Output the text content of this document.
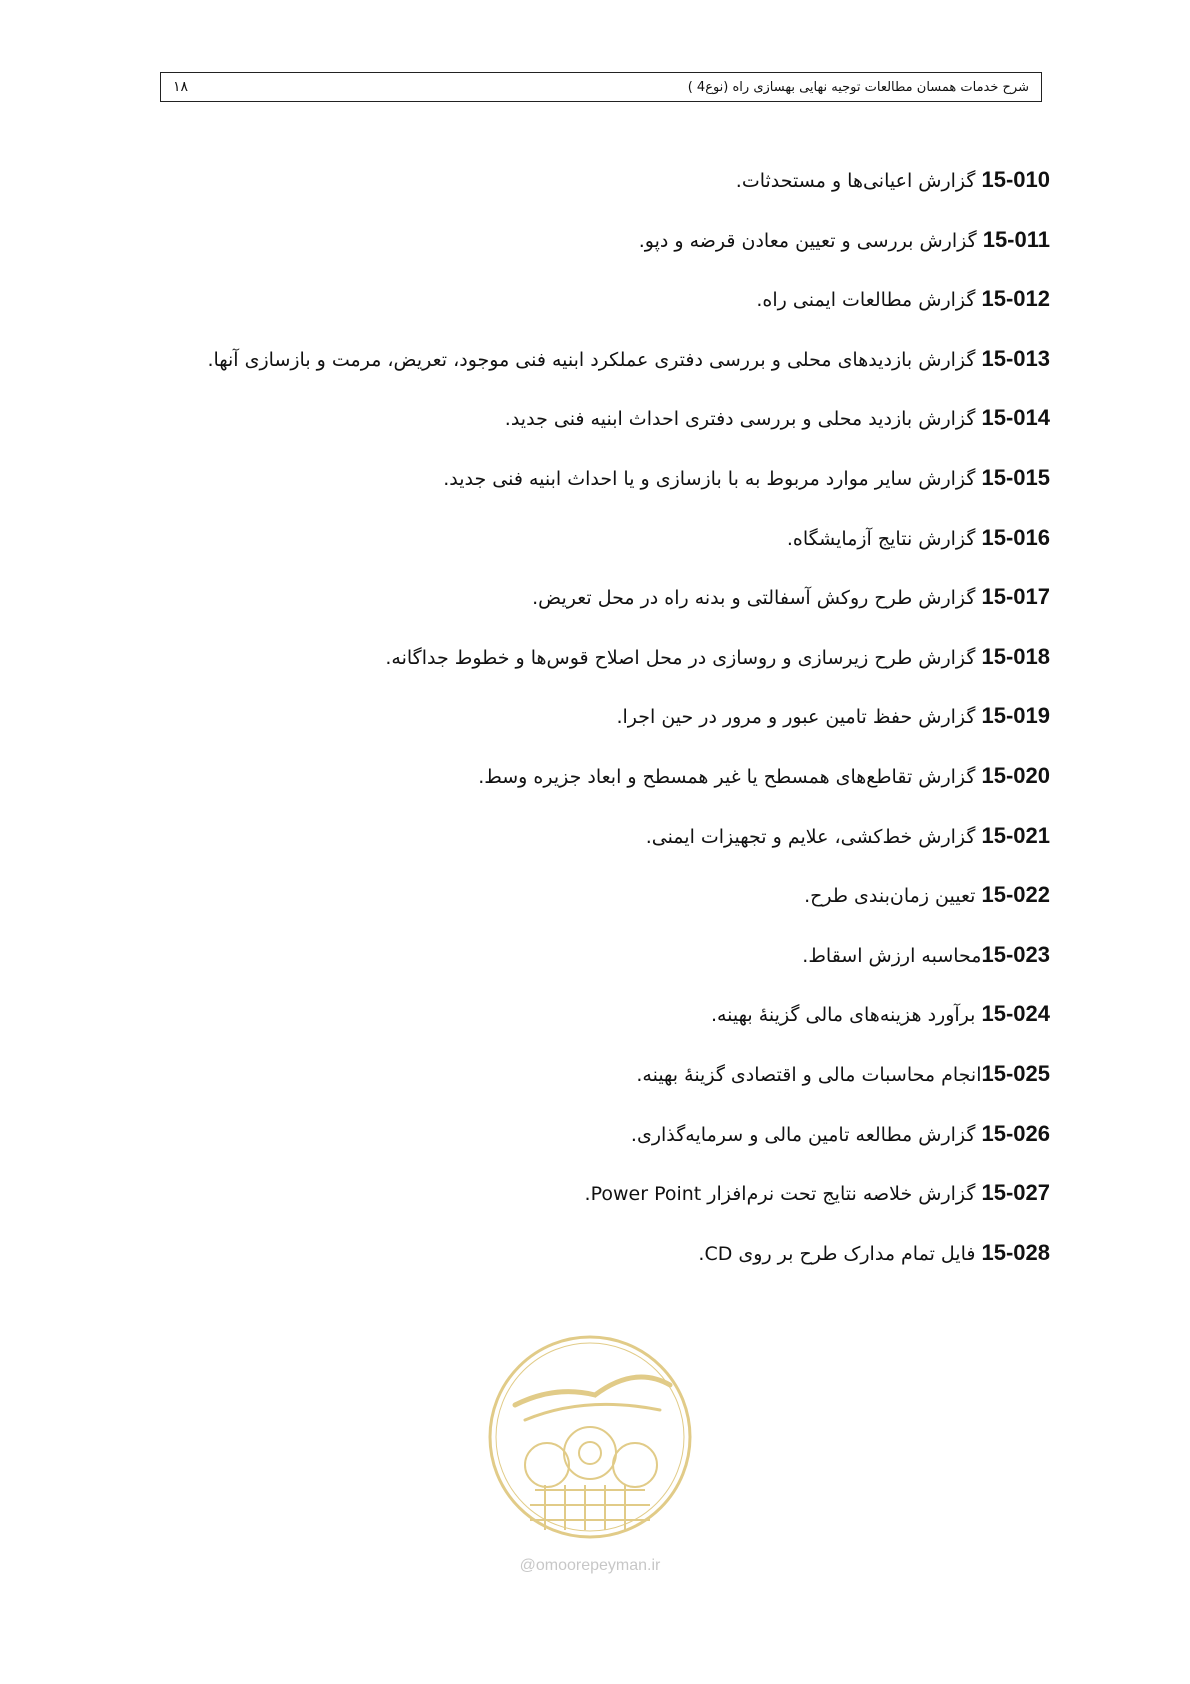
۱۸	شرح خدمات همسان مطالعات توجیه نهایی بهسازی راه (نوع4 )
15-010 گزارش اعیانی‌ها و مستحدثات.
15-011 گزارش بررسی و تعیین معادن قرضه و دپو.
15-012 گزارش مطالعات ایمنی راه.
15-013 گزارش بازدیدهای محلی و بررسی دفتری عملکرد ابنیه فنی موجود، تعریض، مرمت و بازسازی آنها.
15-014 گزارش بازدید محلی و بررسی دفتری احداث ابنیه فنی جدید.
15-015 گزارش سایر موارد مربوط به با بازسازی و یا احداث ابنیه فنی جدید.
15-016 گزارش نتایج آزمایشگاه.
15-017 گزارش طرح روکش آسفالتی و بدنه راه در محل تعریض.
15-018 گزارش طرح زیرسازی و روسازی در محل اصلاح قوس‌ها و خطوط جداگانه.
15-019 گزارش حفظ تامین عبور و مرور در حین اجرا.
15-020 گزارش تقاطع‌های همسطح یا غیر همسطح و ابعاد جزیره وسط.
15-021 گزارش خط‌کشی، علایم و تجهیزات ایمنی.
15-022 تعیین زمان‌بندی طرح.
15-023محاسبه ارزش اسقاط.
15-024 برآورد هزینه‌های مالی گزینهٔ بهینه.
15-025انجام محاسبات مالی و اقتصادی گزینهٔ بهینه.
15-026 گزارش مطالعه تامین مالی و سرمایه‌گذاری.
15-027 گزارش خلاصه نتایج تحت نرم‌افزار Power Point.
15-028 فایل تمام مدارک طرح بر روی CD.
@omoorepeyman.ir
